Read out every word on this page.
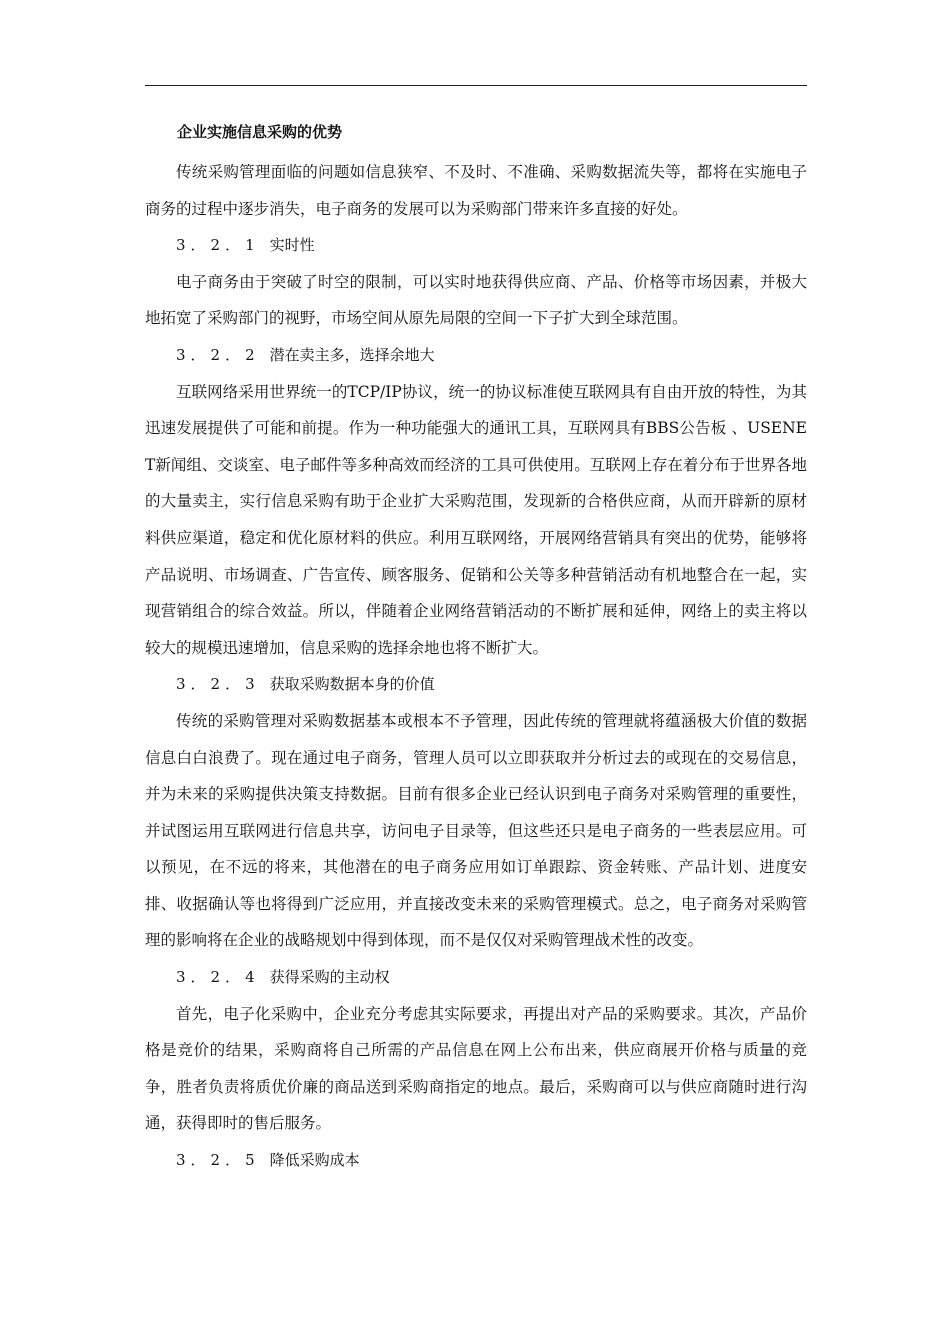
企业实施信息采购的优势

传统采购管理面临的问题如信息狭窄、不及时、不准确、采购数据流失等，都将在实施电子商务的过程中逐步消失，电子商务的发展可以为采购部门带来许多直接的好处。

3．2．1 实时性

电子商务由于突破了时空的限制，可以实时地获得供应商、产品、价格等市场因素，并极大地拓宽了采购部门的视野，市场空间从原先局限的空间一下子扩大到全球范围。

3．2．2 潜在卖主多，选择余地大

互联网络采用世界统一的TCP/IP协议，统一的协议标准使互联网具有自由开放的特性，为其迅速发展提供了可能和前提。作为一种功能强大的通讯工具，互联网具有BBS公告板 、USENET新闻组、交谈室、电子邮件等多种高效而经济的工具可供使用。互联网上存在着分布于世界各地的大量卖主，实行信息采购有助于企业扩大采购范围，发现新的合格供应商，从而开辟新的原材料供应渠道，稳定和优化原材料的供应。利用互联网络，开展网络营销具有突出的优势，能够将产品说明、市场调查、广告宣传、顾客服务、促销和公关等多种营销活动有机地整合在一起，实现营销组合的综合效益。所以，伴随着企业网络营销活动的不断扩展和延伸，网络上的卖主将以较大的规模迅速增加，信息采购的选择余地也将不断扩大。

3．2．3 获取采购数据本身的价值

传统的采购管理对采购数据基本或根本不予管理，因此传统的管理就将蕴涵极大价值的数据信息白白浪费了。现在通过电子商务，管理人员可以立即获取并分析过去的或现在的交易信息，并为未来的采购提供决策支持数据。目前有很多企业已经认识到电子商务对采购管理的重要性，并试图运用互联网进行信息共享，访问电子目录等，但这些还只是电子商务的一些表层应用。可以预见，在不远的将来，其他潜在的电子商务应用如订单跟踪、资金转账、产品计划、进度安排、收据确认等也将得到广泛应用，并直接改变未来的采购管理模式。总之，电子商务对采购管理的影响将在企业的战略规划中得到体现，而不是仅仅对采购管理战术性的改变。

3．2．4 获得采购的主动权

首先，电子化采购中，企业充分考虑其实际要求，再提出对产品的采购要求。其次，产品价格是竞价的结果，采购商将自己所需的产品信息在网上公布出来，供应商展开价格与质量的竞争，胜者负责将质优价廉的商品送到采购商指定的地点。最后，采购商可以与供应商随时进行沟通，获得即时的售后服务。

3．2．5 降低采购成本
